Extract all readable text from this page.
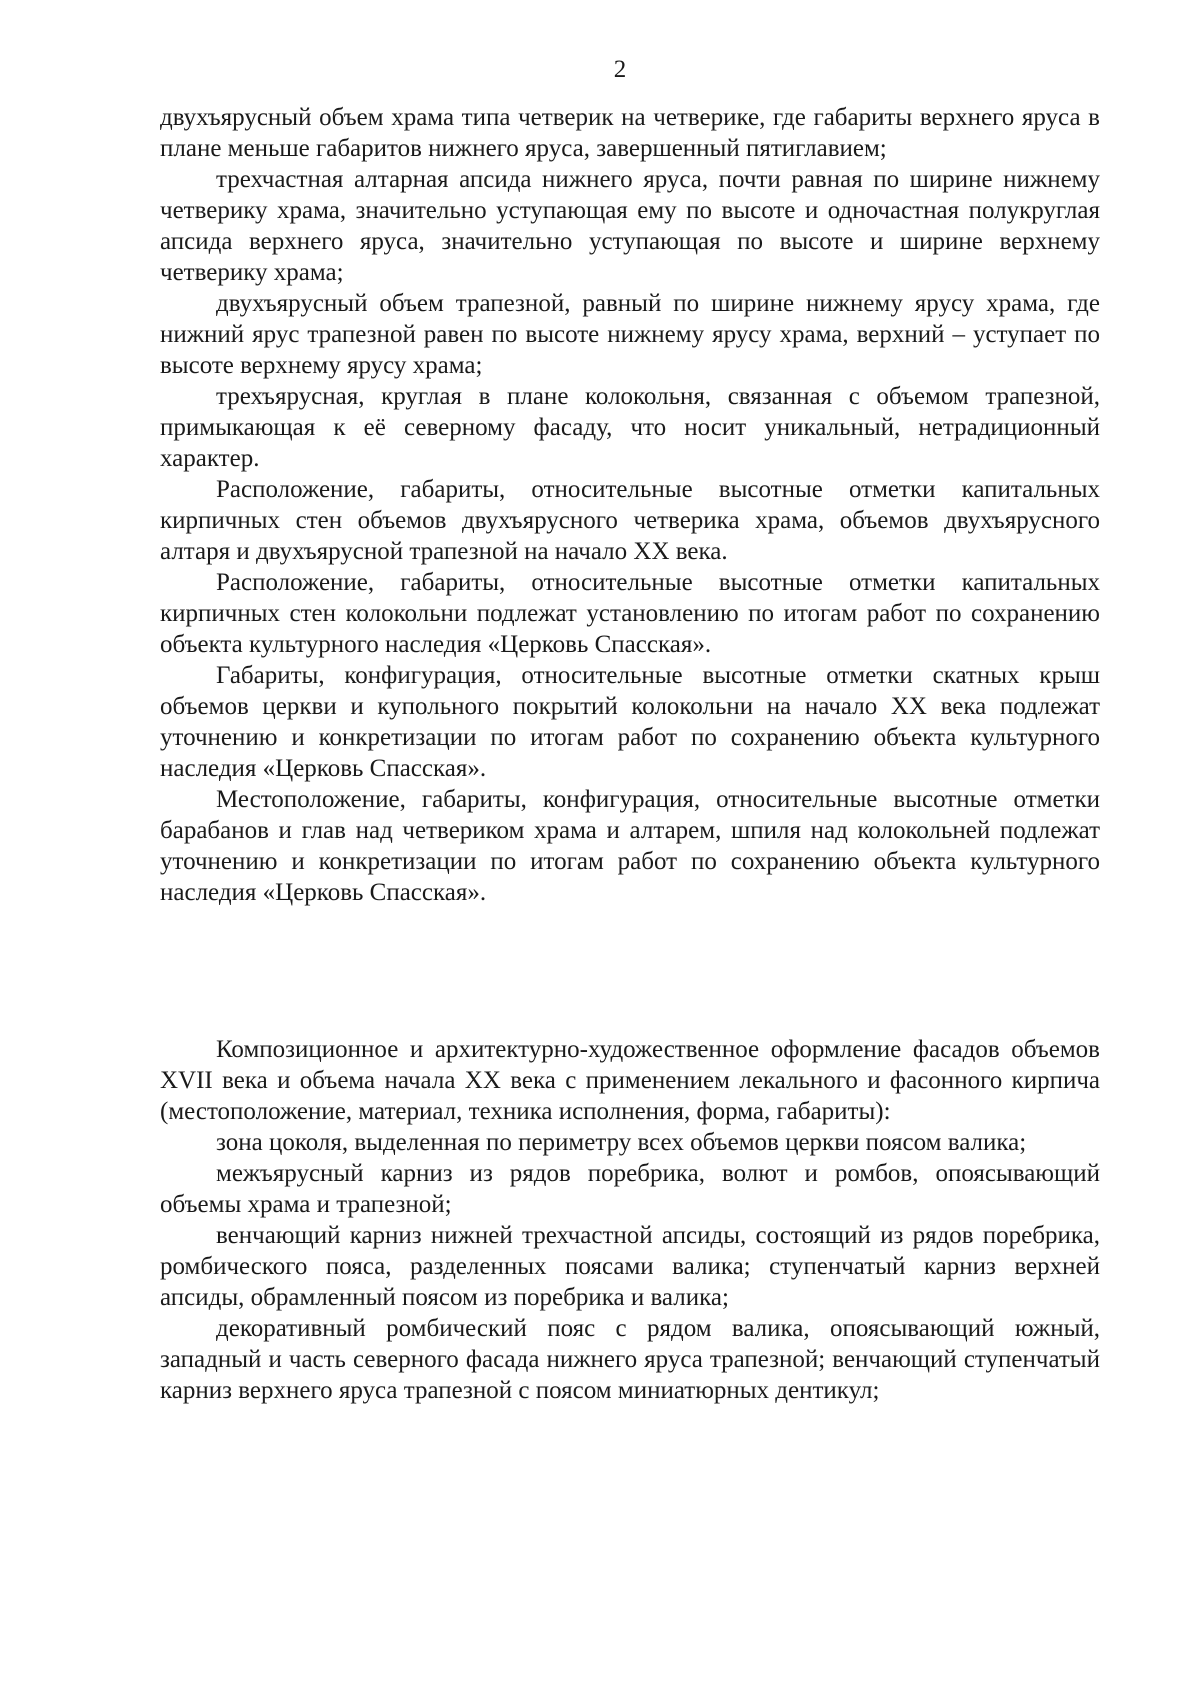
2

двухъярусный объем храма типа четверик на четверике, где габариты верхнего яруса в плане меньше габаритов нижнего яруса, завершенный пятиглавием;

трехчастная алтарная апсида нижнего яруса, почти равная по ширине нижнему четверику храма, значительно уступающая ему по высоте и одночастная полукруглая апсида верхнего яруса, значительно уступающая по высоте и ширине верхнему четверику храма;

двухъярусный объем трапезной, равный по ширине нижнему ярусу храма, где нижний ярус трапезной равен по высоте нижнему ярусу храма, верхний – уступает по высоте верхнему ярусу храма;

трехъярусная, круглая в плане колокольня, связанная с объемом трапезной, примыкающая к её северному фасаду, что носит уникальный, нетрадиционный характер.

Расположение, габариты, относительные высотные отметки капитальных кирпичных стен объемов двухъярусного четверика храма, объемов двухъярусного алтаря и двухъярусной трапезной на начало XX века.

Расположение, габариты, относительные высотные отметки капитальных кирпичных стен колокольни подлежат установлению по итогам работ по сохранению объекта культурного наследия «Церковь Спасская».

Габариты, конфигурация, относительные высотные отметки скатных крыш объемов церкви и купольного покрытий колокольни на начало XX века подлежат уточнению и конкретизации по итогам работ по сохранению объекта культурного наследия «Церковь Спасская».

Местоположение, габариты, конфигурация, относительные высотные отметки барабанов и глав над четвериком храма и алтарем, шпиля над колокольней подлежат уточнению и конкретизации по итогам работ по сохранению объекта культурного наследия «Церковь Спасская».

Композиционное и архитектурно-художественное оформление фасадов объемов XVII века и объема начала XX века с применением лекального и фасонного кирпича (местоположение, материал, техника исполнения, форма, габариты):

зона цоколя, выделенная по периметру всех объемов церкви поясом валика;

межъярусный карниз из рядов поребрика, волют и ромбов, опоясывающий объемы храма и трапезной;

венчающий карниз нижней трехчастной апсиды, состоящий из рядов поребрика, ромбического пояса, разделенных поясами валика; ступенчатый карниз верхней апсиды, обрамленный поясом из поребрика и валика;

декоративный ромбический пояс с рядом валика, опоясывающий южный, западный и часть северного фасада нижнего яруса трапезной; венчающий ступенчатый карниз верхнего яруса трапезной с поясом миниатюрных дентикул;
